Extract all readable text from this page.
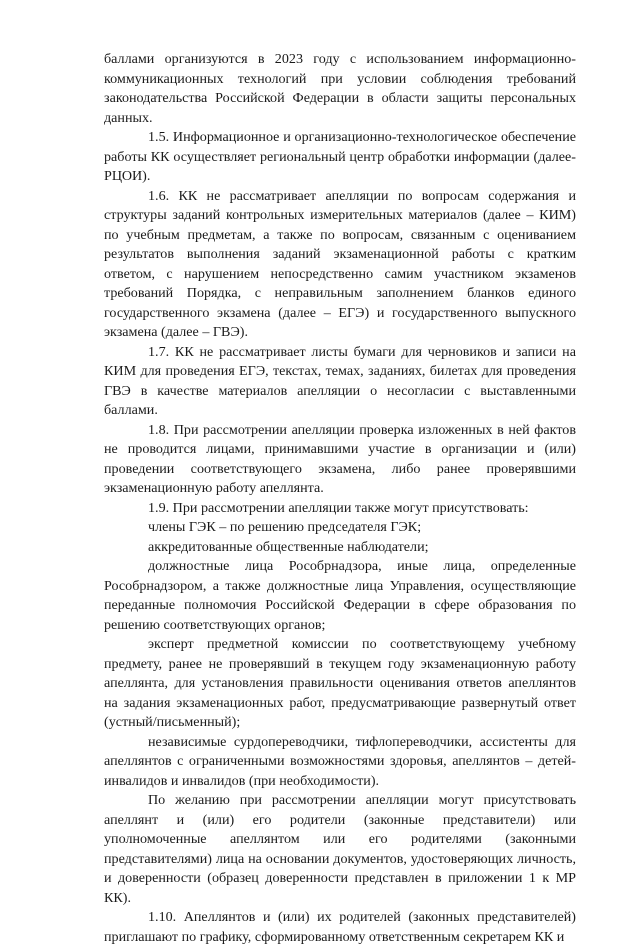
баллами организуются в 2023 году с использованием информационно-
коммуникационных технологий при условии соблюдения требований
законодательства Российской Федерации в области защиты персональных
данных.
1.5. Информационное и организационно-технологическое обеспечение
работы КК осуществляет региональный центр обработки информации (далее-
РЦОИ).
1.6. КК не рассматривает апелляции по вопросам содержания и
структуры заданий контрольных измерительных материалов (далее – КИМ)
по учебным предметам, а также по вопросам, связанным с оцениванием
результатов выполнения заданий экзаменационной работы с кратким
ответом, с нарушением непосредственно самим участником экзаменов
требований Порядка, с неправильным заполнением бланков единого
государственного экзамена (далее – ЕГЭ) и государственного выпускного
экзамена (далее – ГВЭ).
1.7. КК не рассматривает листы бумаги для черновиков и записи на
КИМ для проведения ЕГЭ, текстах, темах, заданиях, билетах для проведения
ГВЭ в качестве материалов апелляции о несогласии с выставленными
баллами.
1.8. При рассмотрении апелляции проверка изложенных в ней фактов
не проводится лицами, принимавшими участие в организации и (или)
проведении соответствующего экзамена, либо ранее проверявшими
экзаменационную работу апеллянта.
1.9. При рассмотрении апелляции также могут присутствовать:
члены ГЭК – по решению председателя ГЭК;
аккредитованные общественные наблюдатели;
должностные лица Рособрнадзора, иные лица, определенные
Рособрнадзором, а также должностные лица Управления, осуществляющие
переданные полномочия Российской Федерации в сфере образования по
решению соответствующих органов;
эксперт предметной комиссии по соответствующему учебному
предмету, ранее не проверявший в текущем году экзаменационную работу
апеллянта, для установления правильности оценивания ответов апеллянтов
на задания экзаменационных работ, предусматривающие развернутый ответ
(устный/письменный);
независимые сурдопереводчики, тифлопереводчики, ассистенты для
апеллянтов с ограниченными возможностями здоровья, апеллянтов – детей-
инвалидов и инвалидов (при необходимости).
По желанию при рассмотрении апелляции могут присутствовать
апеллянт и (или) его родители (законные представители) или
уполномоченные апеллянтом или его родителями (законными
представителями) лица на основании документов, удостоверяющих личность,
и доверенности (образец доверенности представлен в приложении 1 к МР
КК).
1.10. Апеллянтов и (или) их родителей (законных представителей)
приглашают по графику, сформированному ответственным секретарем КК и
